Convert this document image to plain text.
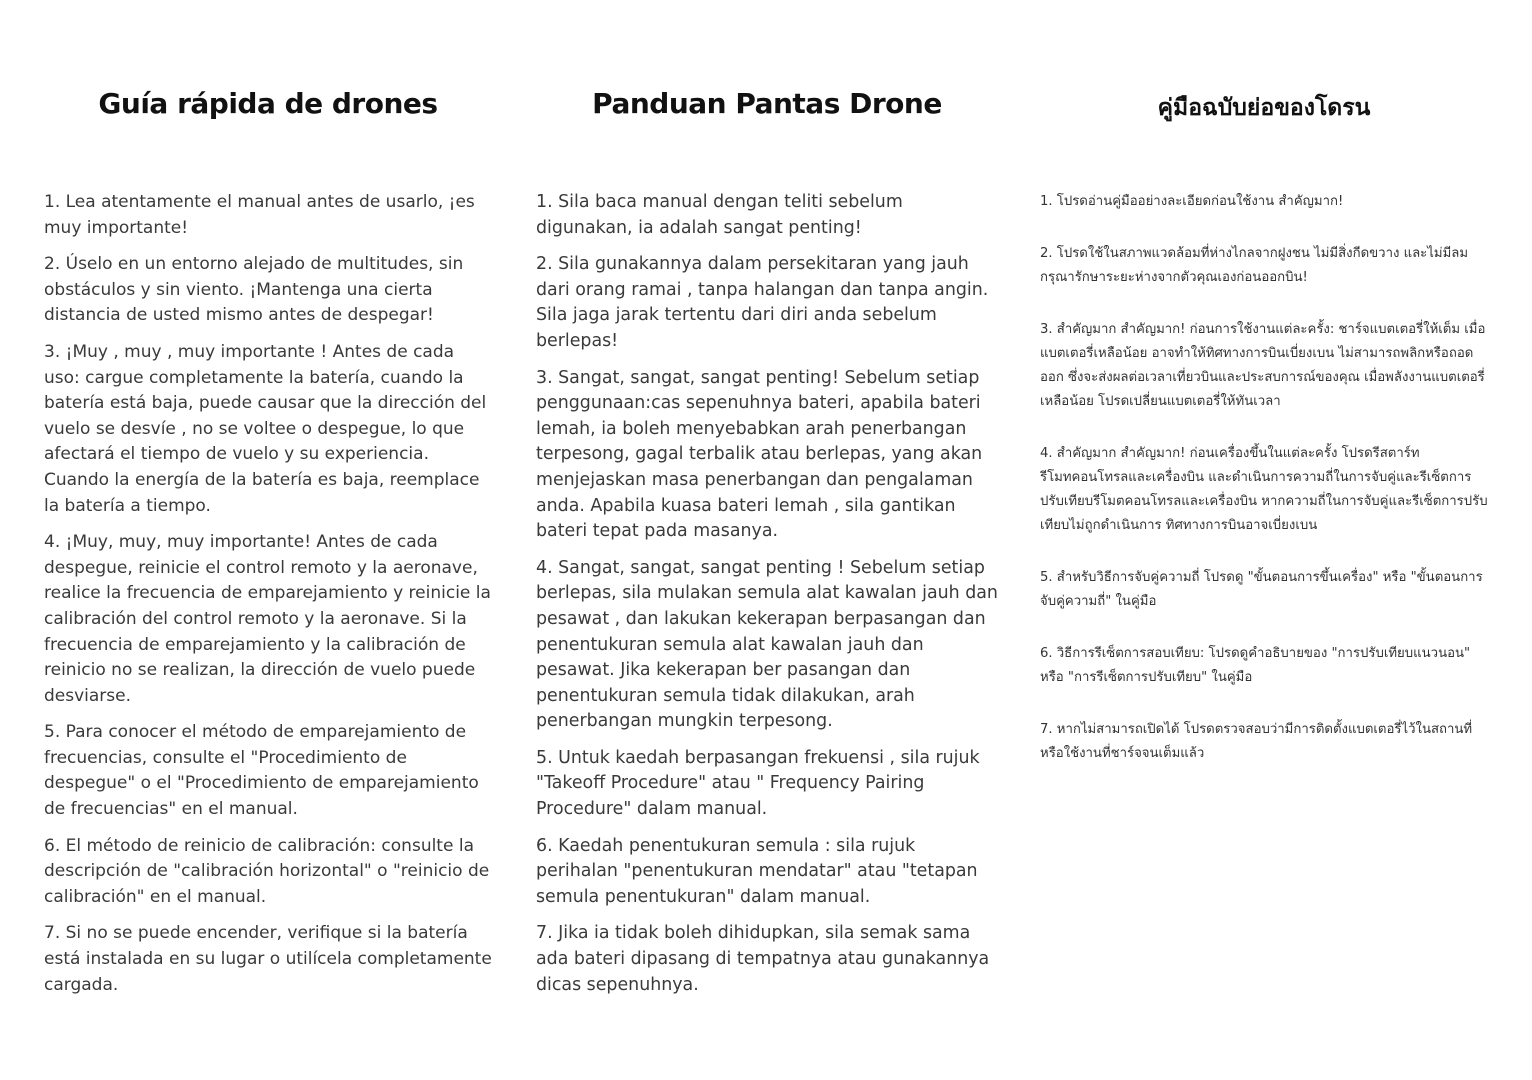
Guía rápida de drones
1. Lea atentamente el manual antes de usarlo, ¡es muy importante!
2. Úselo en un entorno alejado de multitudes, sin obstáculos y sin viento. ¡Mantenga una cierta distancia de usted mismo antes de despegar!
3. ¡Muy , muy , muy importante ! Antes de cada uso: cargue completamente la batería, cuando la batería está baja, puede causar que la dirección del vuelo se desvíe , no se voltee o despegue, lo que afectará el tiempo de vuelo y su experiencia. Cuando la energía de la batería es baja, reemplace la batería a tiempo.
4. ¡Muy, muy, muy importante! Antes de cada despegue, reinicie el control remoto y la aeronave, realice la frecuencia de emparejamiento y reinicie la calibración del control remoto y la aeronave. Si la frecuencia de emparejamiento y la calibración de reinicio no se realizan, la dirección de vuelo puede desviarse.
5. Para conocer el método de emparejamiento de frecuencias, consulte el "Procedimiento de despegue" o el "Procedimiento de emparejamiento de frecuencias" en el manual.
6. El método de reinicio de calibración: consulte la descripción de "calibración horizontal" o "reinicio de calibración" en el manual.
7. Si no se puede encender, verifique si la batería está instalada en su lugar o utilícela completamente cargada.
Panduan Pantas Drone
1. Sila baca manual dengan teliti sebelum digunakan, ia adalah sangat penting!
2. Sila gunakannya dalam persekitaran yang jauh dari orang ramai , tanpa halangan dan tanpa angin. Sila jaga jarak tertentu dari diri anda sebelum berlepas!
3. Sangat, sangat, sangat penting! Sebelum setiap penggunaan:cas sepenuhnya bateri, apabila bateri lemah, ia boleh menyebabkan arah penerbangan terpesong, gagal terbalik atau berlepas, yang akan menjejaskan masa penerbangan dan pengalaman anda. Apabila kuasa bateri lemah , sila gantikan bateri tepat pada masanya.
4. Sangat, sangat, sangat penting ! Sebelum setiap berlepas, sila mulakan semula alat kawalan jauh dan pesawat , dan lakukan kekerapan berpasangan dan penentukuran semula alat kawalan jauh dan pesawat. Jika kekerapan ber pasangan dan penentukuran semula tidak dilakukan, arah penerbangan mungkin terpesong.
5. Untuk kaedah berpasangan frekuensi , sila rujuk "Takeoff Procedure" atau " Frequency Pairing Procedure" dalam manual.
6. Kaedah penentukuran semula : sila rujuk perihalan "penentukuran mendatar" atau "tetapan semula penentukuran" dalam manual.
7. Jika ia tidak boleh dihidupkan, sila semak sama ada bateri dipasang di tempatnya atau gunakannya dicas sepenuhnya.
คู่มือฉบับย่อของโดรน
1. โปรดอ่านคู่มืออย่างละเอียดก่อนใช้งาน สำคัญมาก!
2. โปรดใช้ในสภาพแวดล้อมที่ห่างไกลจากฝูงชน ไม่มีสิ่งกีดขวาง และไม่มีลม กรุณารักษาระยะห่างจากตัวคุณเองก่อนออกบิน!
3. สำคัญมาก สำคัญมาก! ก่อนการใช้งานแต่ละครั้ง: ชาร์จแบตเตอรี่ให้เต็ม เมื่อแบตเตอรี่เหลือน้อย อาจทำให้ทิศทางการบินเบี่ยงเบน ไม่สามารถพลิกหรือถอดออก ซึ่งจะส่งผลต่อเวลาเที่ยวบินและประสบการณ์ของคุณ เมื่อพลังงานแบตเตอรี่เหลือน้อย โปรดเปลี่ยนแบตเตอรี่ให้ทันเวลา
4. สำคัญมาก สำคัญมาก! ก่อนเครื่องขึ้นในแต่ละครั้ง โปรดรีสตาร์ทรีโมทคอนโทรลและเครื่องบิน และดำเนินการความถี่ในการจับคู่และรีเซ็ตการปรับเทียบรีโมตคอนโทรลและเครื่องบิน หากความถี่ในการจับคู่และรีเซ็ตการปรับเทียบไม่ถูกดำเนินการ ทิศทางการบินอาจเบี่ยงเบน
5. สำหรับวิธีการจับคู่ความถี่ โปรดดู "ขั้นตอนการขึ้นเครื่อง" หรือ "ขั้นตอนการจับคู่ความถี่" ในคู่มือ
6. วิธีการรีเซ็ตการสอบเทียบ: โปรดดูคำอธิบายของ "การปรับเทียบแนวนอน" หรือ "การรีเซ็ตการปรับเทียบ" ในคู่มือ
7. หากไม่สามารถเปิดได้ โปรดตรวจสอบว่ามีการติดตั้งแบตเตอรี่ไว้ในสถานที่หรือใช้งานที่ชาร์จจนเต็มแล้ว
